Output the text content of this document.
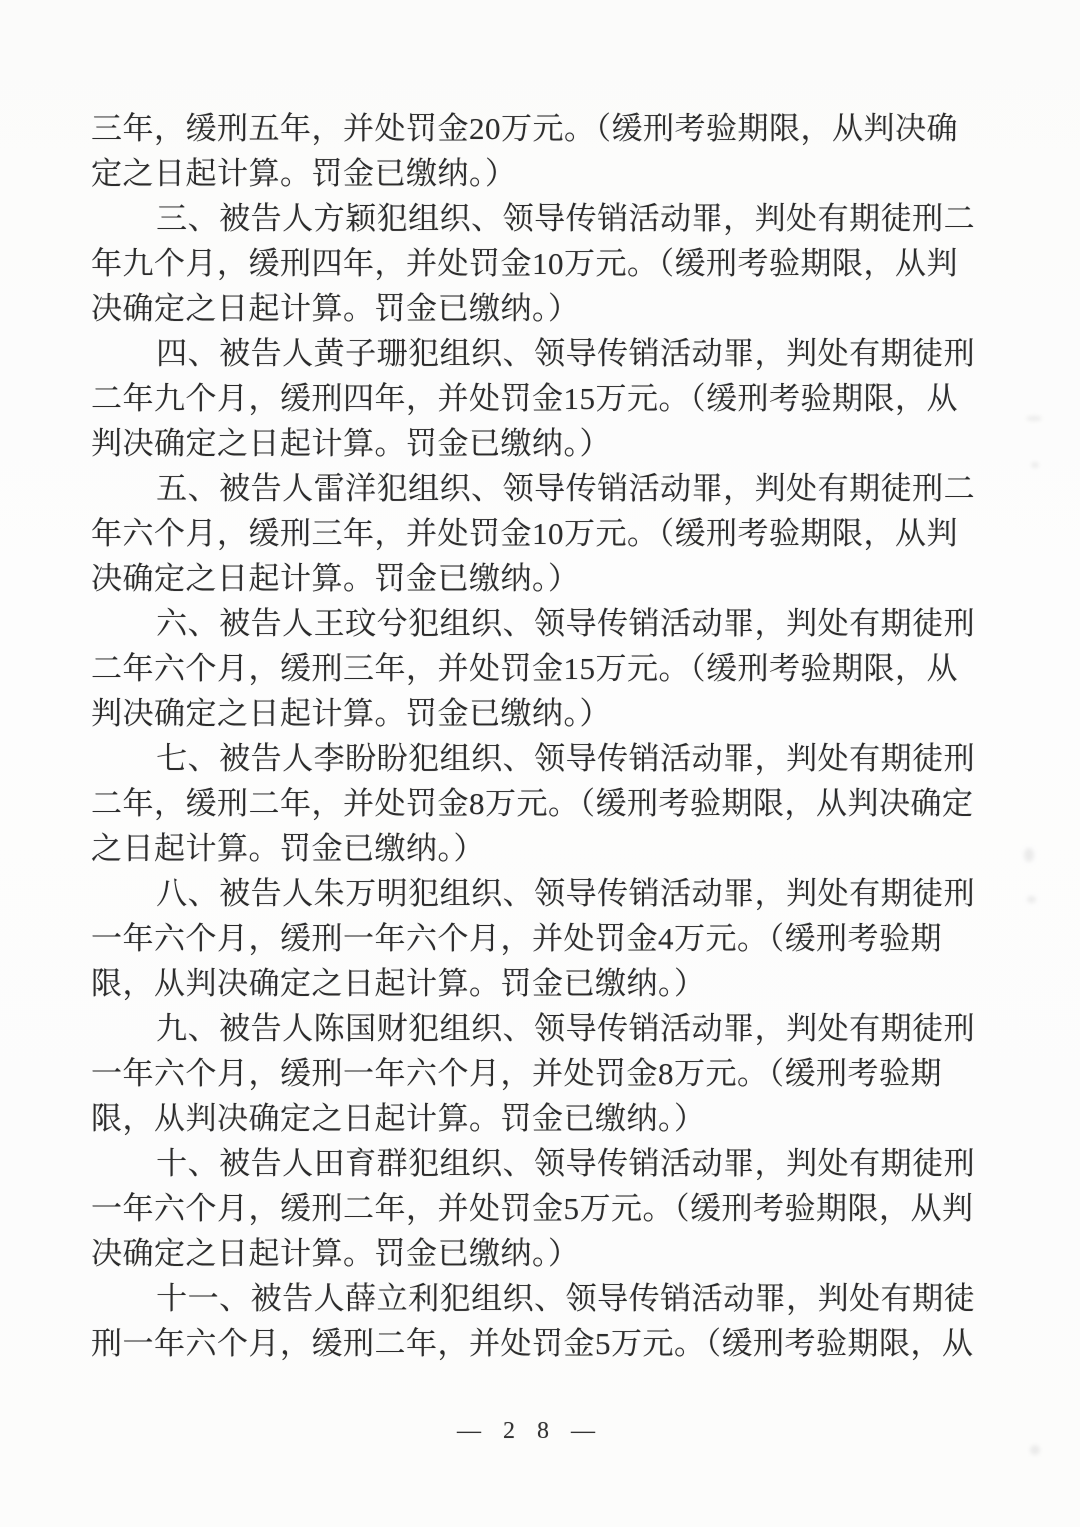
三年，缓刑五年，并处罚金20万元。（缓刑考验期限，从判决确
定之日起计算。罚金已缴纳。）
三、被告人方颖犯组织、领导传销活动罪，判处有期徒刑二
年九个月，缓刑四年，并处罚金10万元。（缓刑考验期限，从判
决确定之日起计算。罚金已缴纳。）
四、被告人黄子珊犯组织、领导传销活动罪，判处有期徒刑
二年九个月，缓刑四年，并处罚金15万元。（缓刑考验期限，从
判决确定之日起计算。罚金已缴纳。）
五、被告人雷洋犯组织、领导传销活动罪，判处有期徒刑二
年六个月，缓刑三年，并处罚金10万元。（缓刑考验期限，从判
决确定之日起计算。罚金已缴纳。）
六、被告人王玟兮犯组织、领导传销活动罪，判处有期徒刑
二年六个月，缓刑三年，并处罚金15万元。（缓刑考验期限，从
判决确定之日起计算。罚金已缴纳。）
七、被告人李盼盼犯组织、领导传销活动罪，判处有期徒刑
二年，缓刑二年，并处罚金8万元。（缓刑考验期限，从判决确定
之日起计算。罚金已缴纳。）
八、被告人朱万明犯组织、领导传销活动罪，判处有期徒刑
一年六个月，缓刑一年六个月，并处罚金4万元。（缓刑考验期
限，从判决确定之日起计算。罚金已缴纳。）
九、被告人陈国财犯组织、领导传销活动罪，判处有期徒刑
一年六个月，缓刑一年六个月，并处罚金8万元。（缓刑考验期
限，从判决确定之日起计算。罚金已缴纳。）
十、被告人田育群犯组织、领导传销活动罪，判处有期徒刑
一年六个月，缓刑二年，并处罚金5万元。（缓刑考验期限，从判
决确定之日起计算。罚金已缴纳。）
十一、被告人薛立利犯组织、领导传销活动罪，判处有期徒
刑一年六个月，缓刑二年，并处罚金5万元。（缓刑考验期限，从
— 2 8 —
